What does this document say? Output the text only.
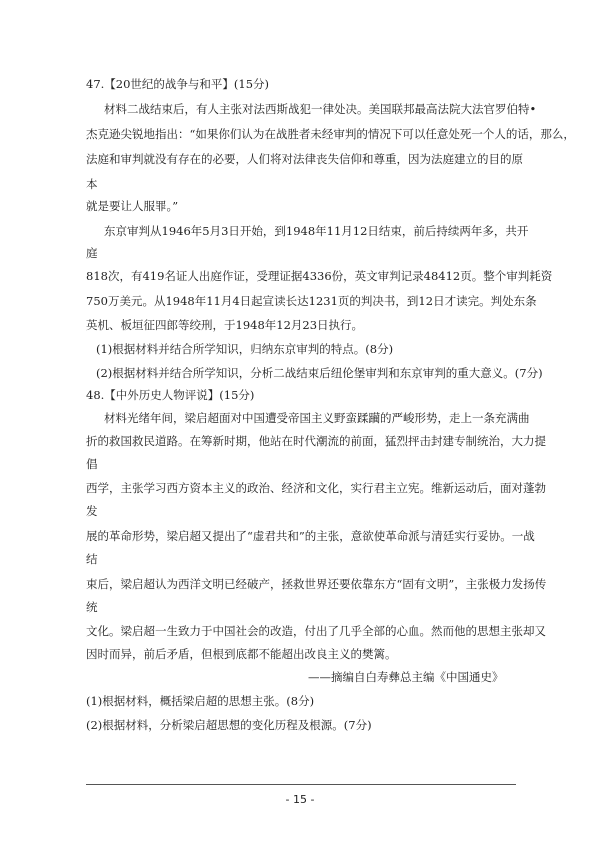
47.【20世纪的战争与和平】(15分)
材料二战结束后，有人主张对法西斯战犯一律处决。美国联邦最高法院大法官罗伯特•
杰克逊尖锐地指出：“如果你们认为在战胜者未经审判的情况下可以任意处死一个人的话，那么，
法庭和审判就没有存在的必要，人们将对法律丧失信仰和尊重，因为法庭建立的目的原
本
就是要让人服罪。”
东京审判从1946年5月3日开始，到1948年11月12日结束，前后持续两年多，共开
庭
818次，有419名证人出庭作证，受理证据4336份，英文审判记录48412页。整个审判耗资
750万美元。从1948年11月4日起宣读长达1231页的判决书，到12日才读完。判处东条
英机、板垣征四郎等绞刑，于1948年12月23日执行。
(1)根据材料并结合所学知识，归纳东京审判的特点。(8分)
(2)根据材料并结合所学知识，分析二战结束后纽伦堡审判和东京审判的重大意义。(7分)
48.【中外历史人物评说】(15分)
材料光绪年间，梁启超面对中国遭受帝国主义野蛮蹂躏的严峻形势，走上一条充满曲
折的救国救民道路。在筹新时期，他站在时代潮流的前面，猛烈抨击封建专制统治，大力提
倡
西学，主张学习西方资本主义的政治、经济和文化，实行君主立宪。维新运动后，面对蓬勃
发
展的革命形势，梁启超又提出了“虚君共和”的主张，意欲使革命派与清廷实行妥协。一战
结
束后，梁启超认为西洋文明已经破产，拯救世界还要依靠东方“固有文明”，主张极力发扬传
统
文化。梁启超一生致力于中国社会的改造，付出了几乎全部的心血。然而他的思想主张却又
因时而异，前后矛盾，但根到底都不能超出改良主义的樊篱。
——摘编自白寿彝总主编《中国通史》
(1)根据材料，概括梁启超的思想主张。(8分)
(2)根据材料，分析梁启超思想的变化历程及根源。(7分)
- 15 -
